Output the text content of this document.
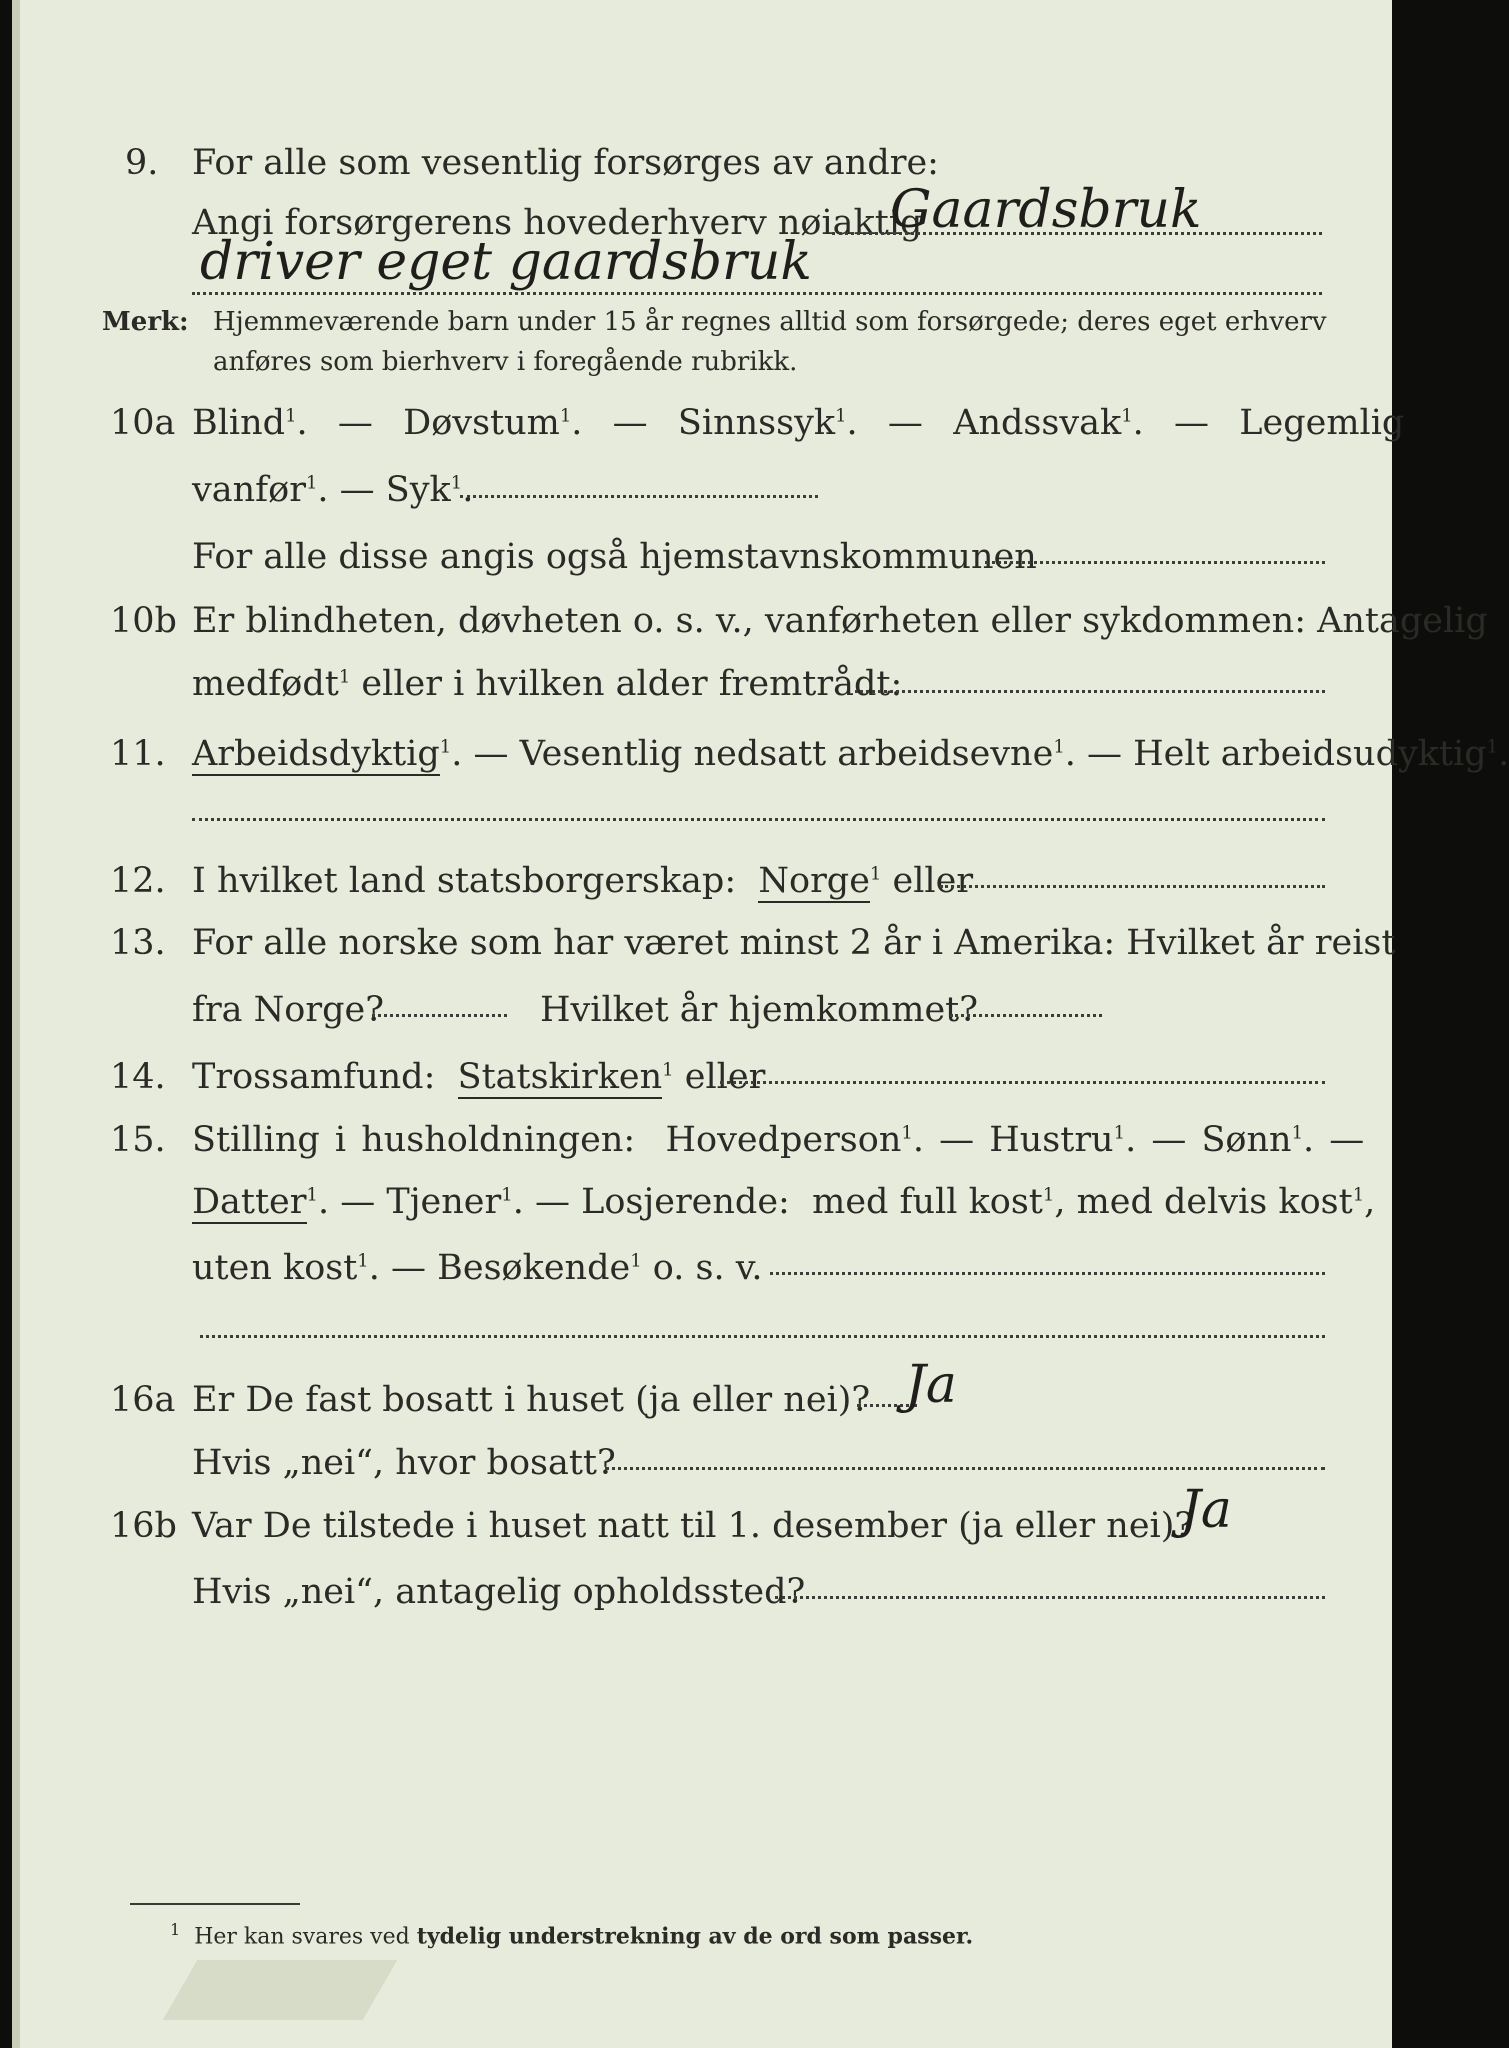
9. For alle som vesentlig forsørges av andre:
Angi forsørgerens hovederhverv nøiaktig
Gaardsbruk
driver eget gaardsbruk
Merk: Hjemmeværende barn under 15 år regnes alltid som forsørgede; deres eget erhverv
anføres som bierhverv i foregående rubrikk.
10a Blind$^1$.  —  Døvstum$^1$.  —  Sinnssyk$^1$.  —  Andssvak$^1$.  —  Legemlig
vanfør$^1$. — Syk$^1$.
For alle disse angis også hjemstavnskommunen
10b Er blindheten, døvheten o. s. v., vanførheten eller sykdommen: Antagelig
medfødt$^1$ eller i hvilken alder fremtrådt:
11. Arbeidsdyktig$^1$. — Vesentlig nedsatt arbeidsevne$^1$. — Helt arbeidsudyktig$^1$.
12. I hvilket land statsborgerskap: Norge$^1$ eller
13. For alle norske som har været minst 2 år i Amerika: Hvilket år reist
fra Norge?	Hvilket år hjemkommet?
14. Trossamfund: Statskirken$^1$ eller
15. Stilling i husholdningen: Hovedperson$^1$. — Hustru$^1$. — Sønn$^1$. —
Datter$^1$. — Tjener$^1$. — Losjerende: med full kost$^1$, med delvis kost$^1$,
uten kost$^1$. — Besøkende$^1$ o. s. v.
16a Er De fast bosatt i huset (ja eller nei)? Ja
Hvis „nei“, hvor bosatt?
16b Var De tilstede i huset natt til 1. desember (ja eller nei)?
Ja
Hvis „nei“, antagelig opholdssted?
$^1$ Her kan svares ved tydelig understrekning av de ord som passer.
